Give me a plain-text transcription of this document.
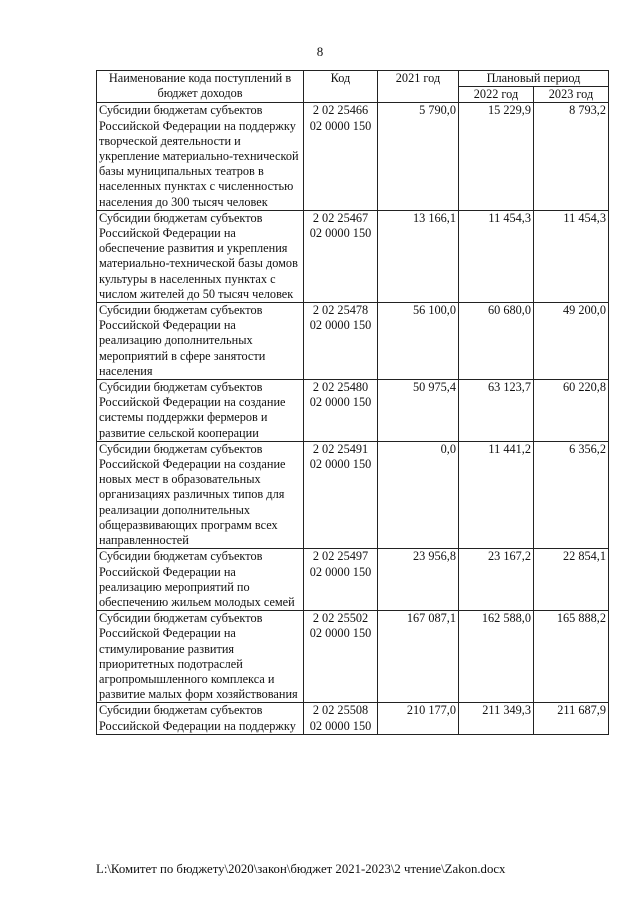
8
Наименование кода поступлений в бюджет доходов	Код	2021 год	Плановый период	
			2022 год	2023 год
Субсидии бюджетам субъектов Российской Федерации на поддержку творческой деятельности и укрепление материально-технической базы муниципальных театров в населенных пунктах с численностью населения до 300 тысяч человек	2 02 25466 02 0000 150	5 790,0	15 229,9	8 793,2
Субсидии бюджетам субъектов Российской Федерации на обеспечение развития и укрепления материально-технической базы домов культуры в населенных пунктах с числом жителей до 50 тысяч человек	2 02 25467 02 0000 150	13 166,1	11 454,3	11 454,3
Субсидии бюджетам субъектов Российской Федерации на реализацию дополнительных мероприятий в сфере занятости населения	2 02 25478 02 0000 150	56 100,0	60 680,0	49 200,0
Субсидии бюджетам субъектов Российской Федерации на создание системы поддержки фермеров и развитие сельской кооперации	2 02 25480 02 0000 150	50 975,4	63 123,7	60 220,8
Субсидии бюджетам субъектов Российской Федерации на создание новых мест в образовательных организациях различных типов для реализации дополнительных общеразвивающих программ всех направленностей	2 02 25491 02 0000 150	0,0	11 441,2	6 356,2
Субсидии бюджетам субъектов Российской Федерации на реализацию мероприятий по обеспечению жильем молодых семей	2 02 25497 02 0000 150	23 956,8	23 167,2	22 854,1
Субсидии бюджетам субъектов Российской Федерации на стимулирование развития приоритетных подотраслей агропромышленного комплекса и развитие малых форм хозяйствования	2 02 25502 02 0000 150	167 087,1	162 588,0	165 888,2
Субсидии бюджетам субъектов Российской Федерации на поддержку	2 02 25508 02 0000 150	210 177,0	211 349,3	211 687,9
L:\Комитет по бюджету\2020\закон\бюджет 2021-2023\2 чтение\Zakon.docx
